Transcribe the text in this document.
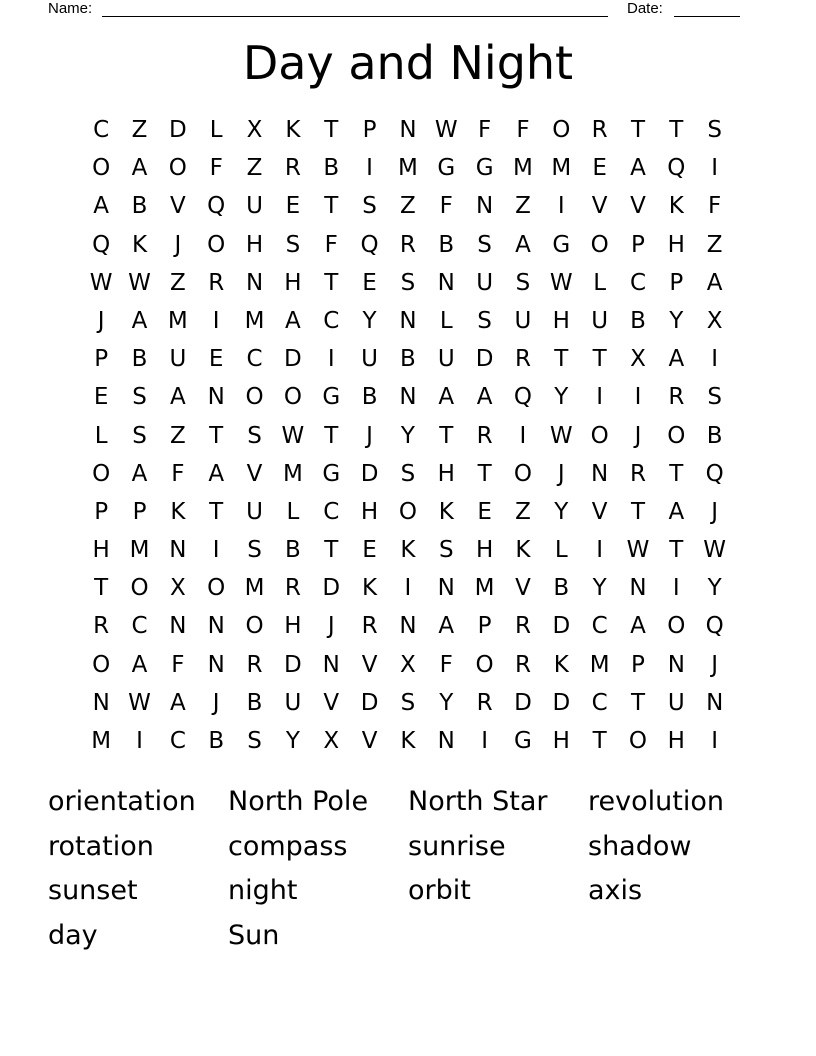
Name:	Date:
Day and Night
C Z D	L	X K	T	P N W F	F O R	T	T	S
O A O F	Z R B	I	M G G M M E	A Q	I
A B V Q U E	T	S	Z	F	N Z	I	V V K	F
Q K	J	O H S	F Q R B	S	A G O P H Z
W W Z R N H T	E	S N U S W L	C	P	A
J	A M	I	M A C	Y N	L	S U H U B	Y	X
P	B U E	C D	I	U B U D R	T	T	X A	I
E	S	A N O O G B N A A Q Y	I	I	R	S
L	S	Z	T	S W T	J	Y	T	R	I	W O	J	O B
O A	F	A V M G D S H T O	J	N R	T Q
P	P	K	T U	L	C H O K	E	Z	Y	V	T	A	J
H M N	I	S	B	T	E	K	S H K	L	I	W T W
T O X O M R D K	I	N M V B	Y N	I	Y
R C N N O H	J	R N A	P	R D C A O Q
O A	F	N R D N V X	F O R K M P N	J
N W A	J	B U V D S	Y	R D D C	T U N
M	I	C B	S	Y	X V K N	I	G H T O H	I
orientation	North Pole	North Star	revolution
rotation	compass	sunrise	shadow
sunset	night	orbit	axis
day	Sun
